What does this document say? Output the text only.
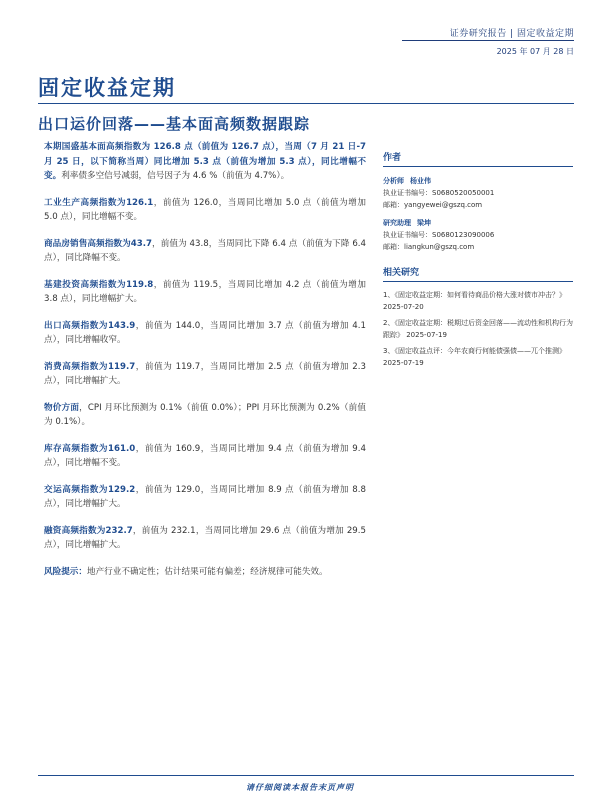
证券研究报告 | 固定收益定期
2025 年 07 月 28 日
固定收益定期
出口运价回落——基本面高频数据跟踪

本期国盛基本面高频指数为 126.8 点（前值为 126.7 点），当周（7 月 21 日-7 月 25 日，以下简称当周）同比增加 5.3 点（前值为增加 5.3 点），同比增幅不变。利率债多空信号减弱，信号因子为 4.6 %（前值为 4.7%）。

工业生产高频指数为126.1，前值为 126.0，当周同比增加 5.0 点（前值为增加 5.0 点），同比增幅不变。

商品房销售高频指数为43.7，前值为 43.8，当周同比下降 6.4 点（前值为下降 6.4 点），同比降幅不变。

基建投资高频指数为119.8，前值为 119.5，当周同比增加 4.2 点（前值为增加 3.8 点），同比增幅扩大。

出口高频指数为143.9，前值为 144.0，当周同比增加 3.7 点（前值为增加 4.1 点），同比增幅收窄。

消费高频指数为119.7，前值为 119.7，当周同比增加 2.5 点（前值为增加 2.3 点），同比增幅扩大。

物价方面，CPI 月环比预测为 0.1%（前值 0.0%）；PPI 月环比预测为 0.2%（前值为 0.1%）。

库存高频指数为161.0，前值为 160.9，当周同比增加 9.4 点（前值为增加 9.4 点），同比增幅不变。

交运高频指数为129.2，前值为 129.0，当周同比增加 8.9 点（前值为增加 8.8 点），同比增幅扩大。

融资高频指数为232.7，前值为 232.1，当周同比增加 29.6 点（前值为增加 29.5 点），同比增幅扩大。

风险提示：地产行业不确定性；估计结果可能有偏差；经济规律可能失效。

作者
分析师 杨业伟
执业证书编号：S0680520050001
邮箱：yangyewei@gszq.com
研究助理 梁坤
执业证书编号：S0680123090006
邮箱：liangkun@gszq.com
相关研究
1、《固定收益定期：如何看待商品价格大涨对债市冲击？》 2025-07-20
2、《固定收益定期：税期过后资金回落——流动性和机构行为跟踪》 2025-07-19
3、《固定收益点评：今年农商行何能债强债——兀个推测》 2025-07-19
请仔细阅读本报告末页声明
